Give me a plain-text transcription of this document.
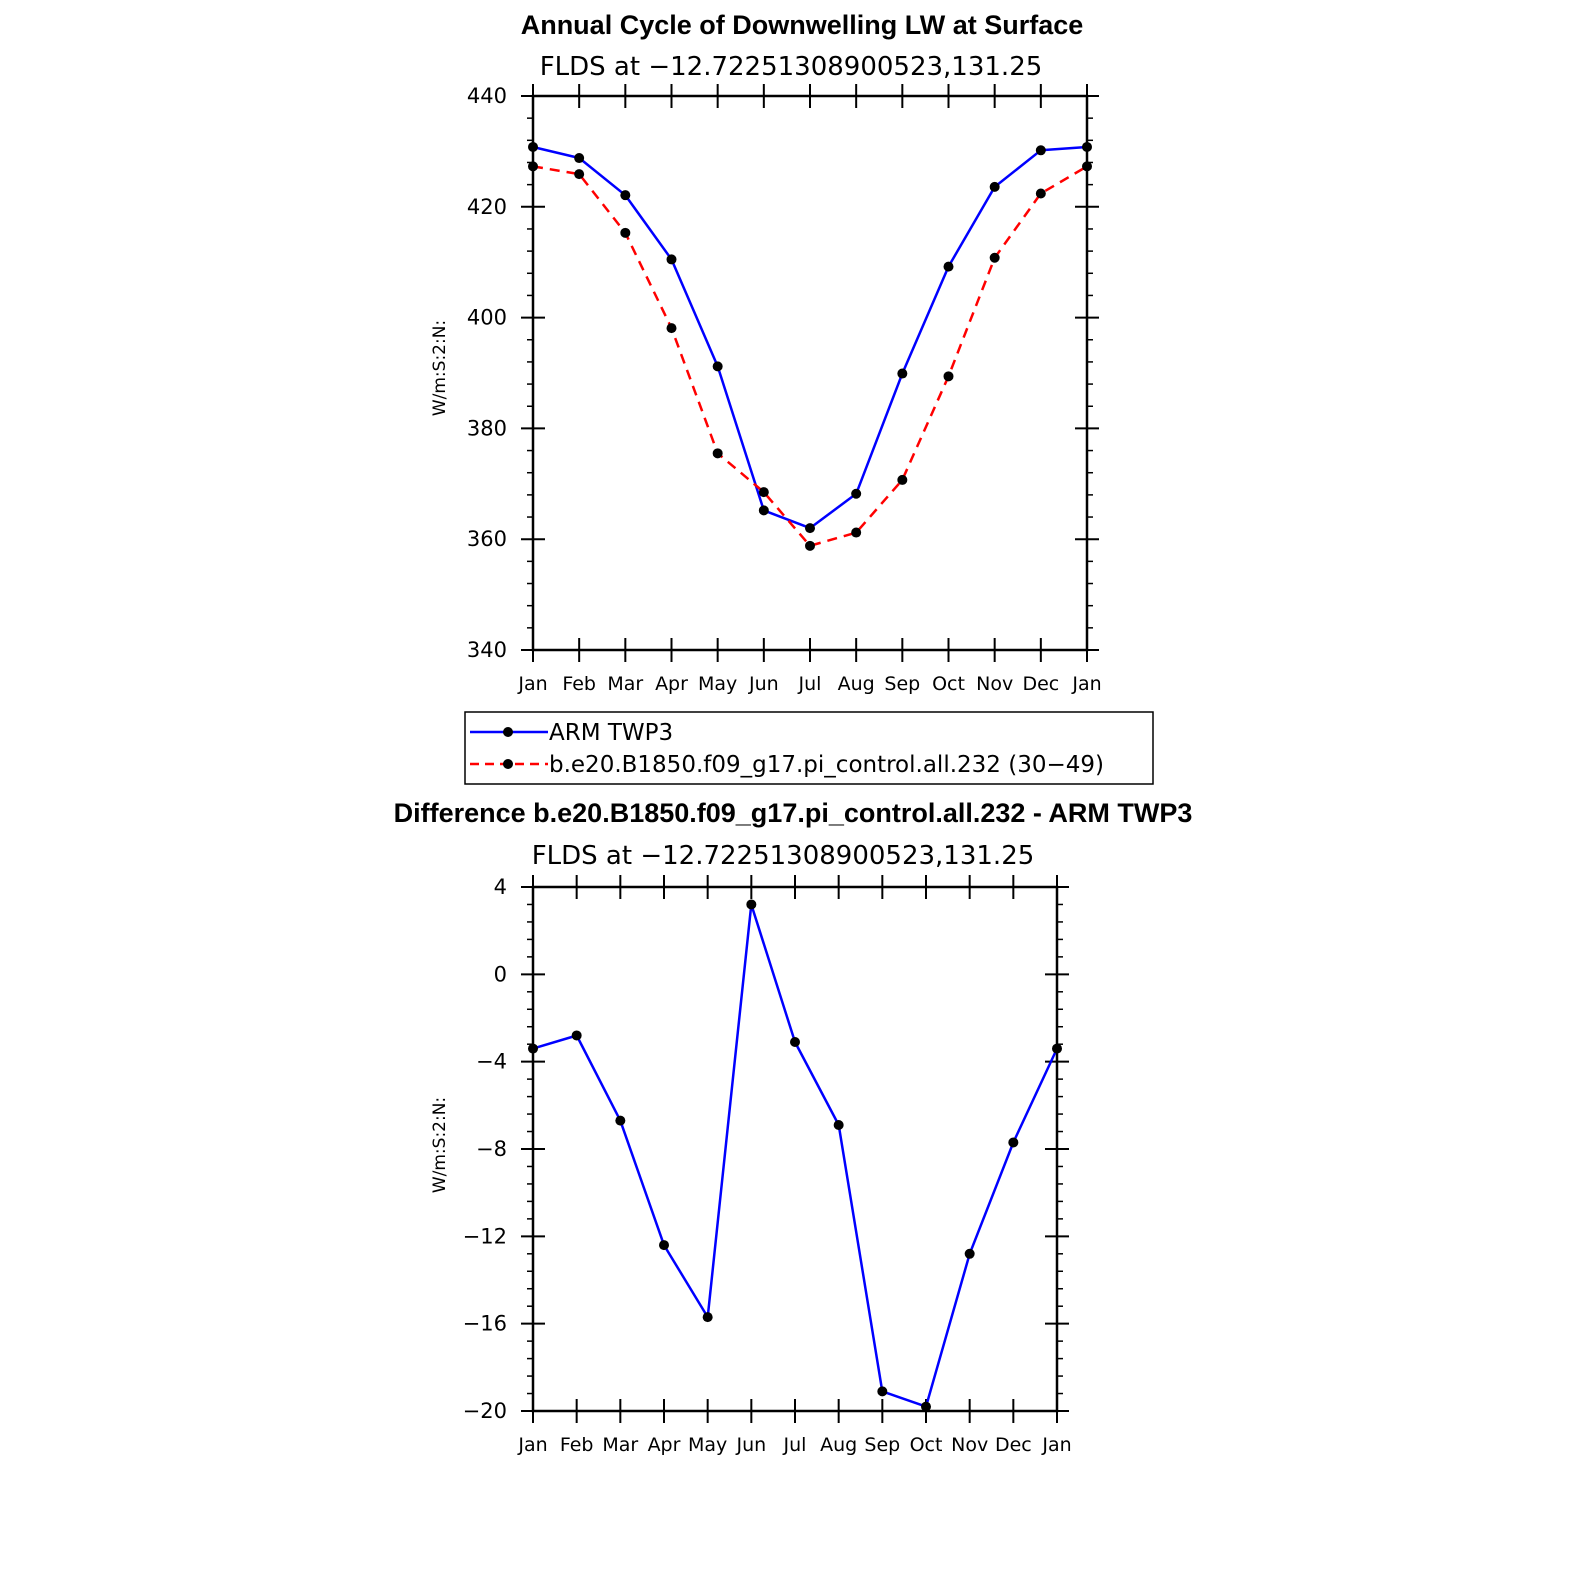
Annual Cycle of Downwelling LW at Surface
FLDS at −12.72251308900523,131.25
W/m:S:2:N:
440
420
400
380
360
340
Jan Feb Mar Apr May Jun Jul Aug Sep Oct Nov Dec Jan
ARM TWP3
b.e20.B1850.f09_g17.pi_control.all.232 (30−49)
Difference b.e20.B1850.f09_g17.pi_control.all.232 - ARM TWP3
FLDS at −12.72251308900523,131.25
W/m:S:2:N:
4
0
−4
−8
−12
−16
−20
Jan Feb Mar Apr May Jun Jul Aug Sep Oct Nov Dec Jan
